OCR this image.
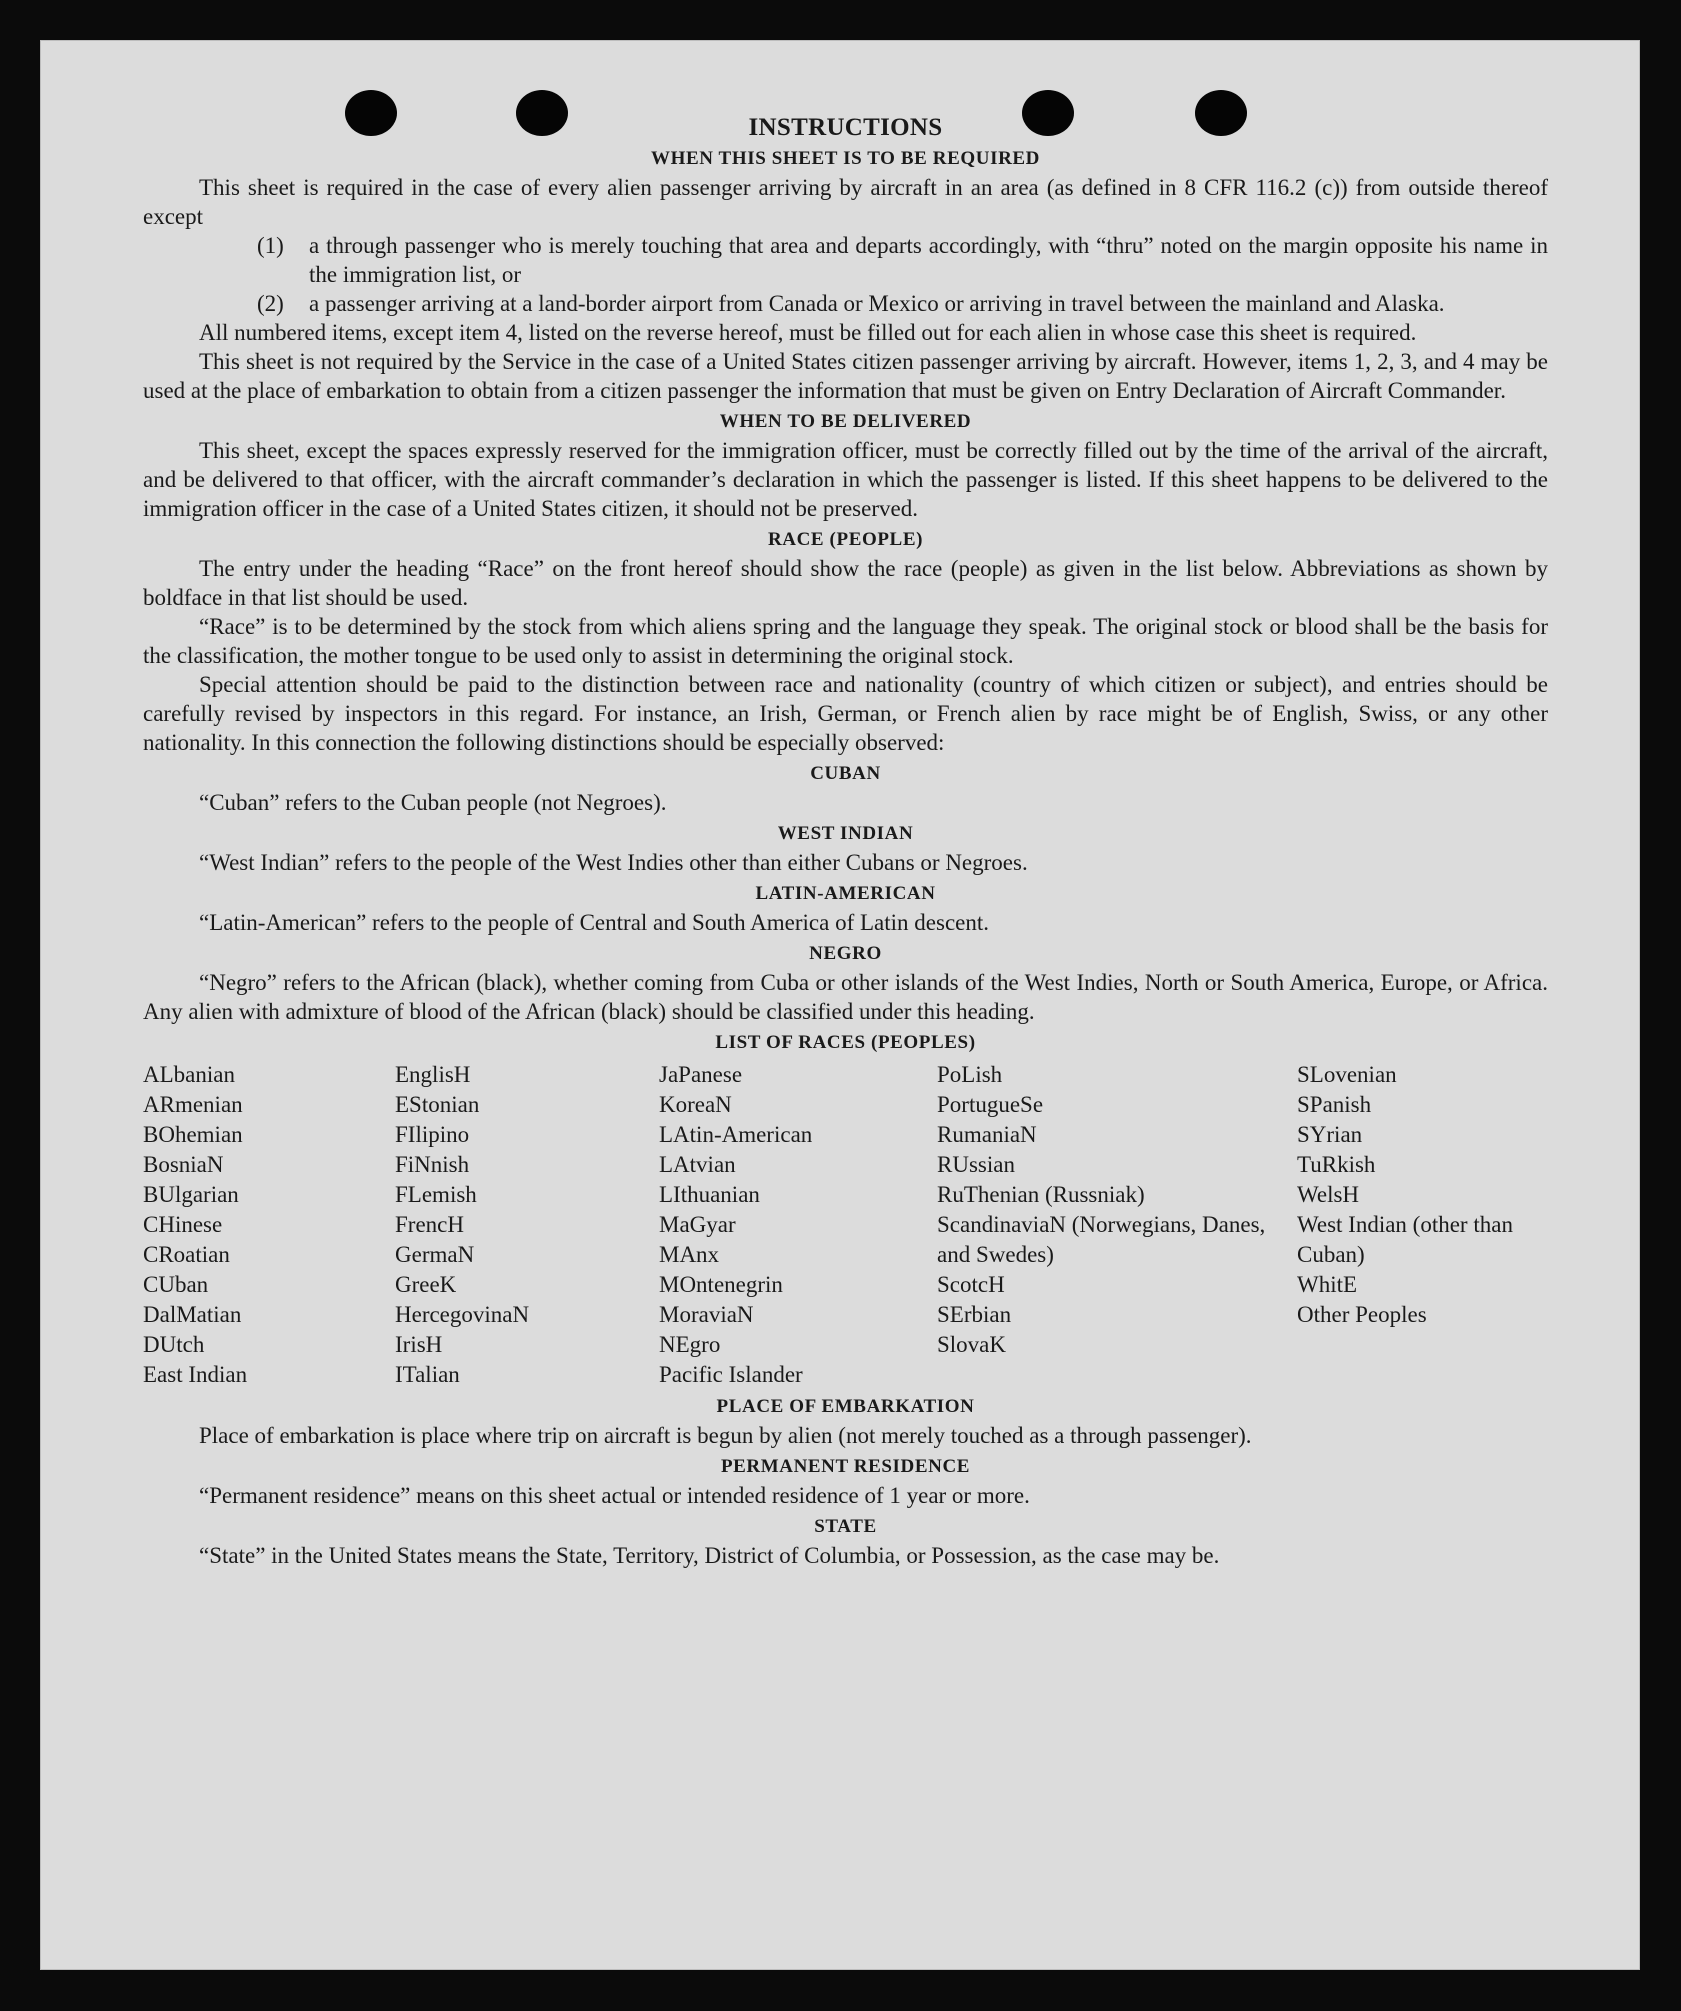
INSTRUCTIONS
WHEN THIS SHEET IS TO BE REQUIRED

This sheet is required in the case of every alien passenger arriving by aircraft in an area (as defined in 8 CFR 116.2 (c)) from outside thereof except

(1)	a through passenger who is merely touching that area and departs accordingly, with “thru” noted on the margin opposite his name in the immigration list, or
(2)	a passenger arriving at a land-border airport from Canada or Mexico or arriving in travel between the mainland and Alaska.

All numbered items, except item 4, listed on the reverse hereof, must be filled out for each alien in whose case this sheet is required.

This sheet is not required by the Service in the case of a United States citizen passenger arriving by aircraft. However, items 1, 2, 3, and 4 may be used at the place of embarkation to obtain from a citizen passenger the information that must be given on Entry Declaration of Aircraft Commander.

WHEN TO BE DELIVERED

This sheet, except the spaces expressly reserved for the immigration officer, must be correctly filled out by the time of the arrival of the aircraft, and be delivered to that officer, with the aircraft commander’s declaration in which the passenger is listed. If this sheet happens to be delivered to the immigration officer in the case of a United States citizen, it should not be preserved.

RACE (PEOPLE)

The entry under the heading “Race” on the front hereof should show the race (people) as given in the list below. Abbreviations as shown by boldface in that list should be used.

“Race” is to be determined by the stock from which aliens spring and the language they speak. The original stock or blood shall be the basis for the classification, the mother tongue to be used only to assist in determining the original stock.

Special attention should be paid to the distinction between race and nationality (country of which citizen or subject), and entries should be carefully revised by inspectors in this regard. For instance, an Irish, German, or French alien by race might be of English, Swiss, or any other nationality. In this connection the following distinctions should be especially observed:

CUBAN

“Cuban” refers to the Cuban people (not Negroes).

WEST INDIAN

“West Indian” refers to the people of the West Indies other than either Cubans or Negroes.

LATIN-AMERICAN

“Latin-American” refers to the people of Central and South America of Latin descent.

NEGRO

“Negro” refers to the African (black), whether coming from Cuba or other islands of the West Indies, North or South America, Europe, or Africa. Any alien with admixture of blood of the African (black) should be classified under this heading.

LIST OF RACES (PEOPLES)
ALbanian
ARmenian
BOhemian
BosniaN
BUlgarian
CHinese
CRoatian
CUban
DalMatian
DUtch
East Indian
EnglisH
EStonian
FIlipino
FiNnish
FLemish
FrencH
GermaN
GreeK
HercegovinaN
IrisH
ITalian
JaPanese
KoreaN
LAtin-American
LAtvian
LIthuanian
MaGyar
MAnx
MOntenegrin
MoraviaN
NEgro
Pacific Islander
PoLish
PortugueSe
RumaniaN
RUssian
RuThenian (Russniak)
ScandinaviaN (Norwegians, Danes, and Swedes)
ScotcH
SErbian
SlovaK
SLovenian
SPanish
SYrian
TuRkish
WelsH
West Indian (other than Cuban)
WhitE
Other Peoples
PLACE OF EMBARKATION

Place of embarkation is place where trip on aircraft is begun by alien (not merely touched as a through passenger).

PERMANENT RESIDENCE

“Permanent residence” means on this sheet actual or intended residence of 1 year or more.

STATE

“State” in the United States means the State, Territory, District of Columbia, or Possession, as the case may be.
